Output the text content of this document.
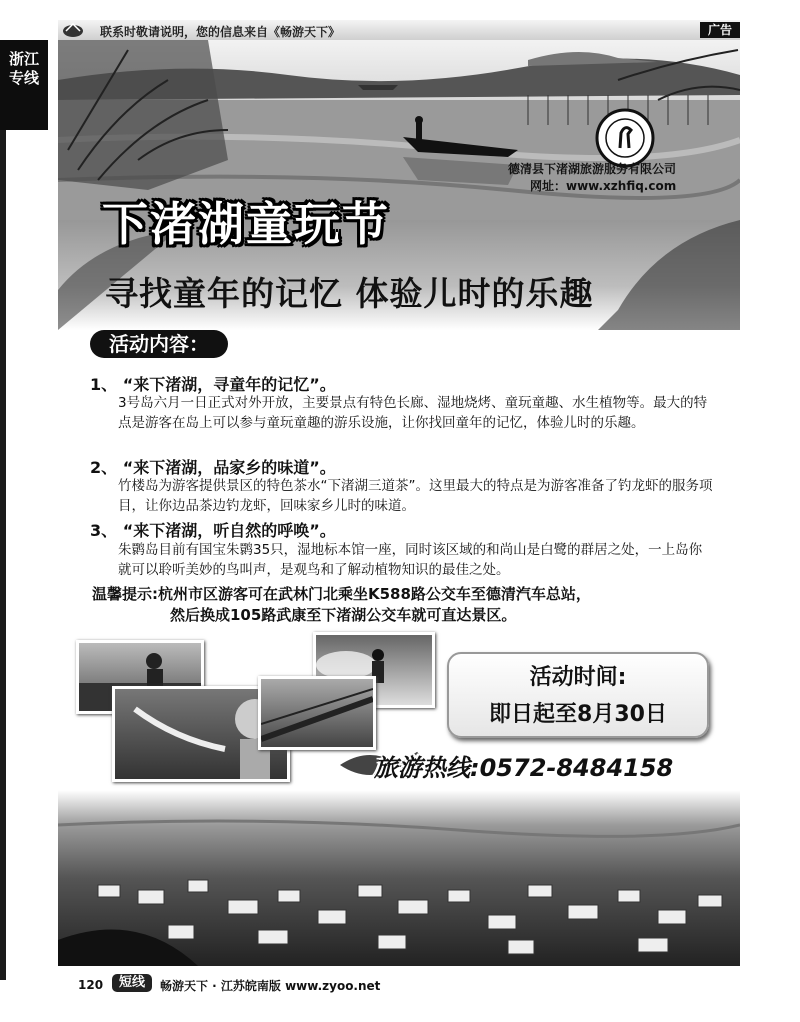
联系时敬请说明，您的信息来自《畅游天下》	广告
浙江
专线
德清县下渚湖旅游服务有限公司
网址：www.xzhfiq.com
下渚湖童玩节
寻找童年的记忆 体验儿时的乐趣
活动内容：
1、 “来下渚湖，寻童年的记忆”。
3号岛六月一日正式对外开放，主要景点有特色长廊、湿地烧烤、童玩童趣、水生植物等。最大的特点是游客在岛上可以参与童玩童趣的游乐设施，让你找回童年的记忆，体验儿时的乐趣。
2、 “来下渚湖，品家乡的味道”。
竹楼岛为游客提供景区的特色茶水“下渚湖三道茶”。这里最大的特点是为游客准备了钓龙虾的服务项目，让你边品茶边钓龙虾，回味家乡儿时的味道。
3、 “来下渚湖，听自然的呼唤”。
朱鹮岛目前有国宝朱鹮35只，湿地标本馆一座，同时该区域的和尚山是白鹭的群居之处，一上岛你就可以聆听美妙的鸟叫声，是观鸟和了解动植物知识的最佳之处。
温馨提示:杭州市区游客可在武林门北乘坐K588路公交车至德清汽车总站，
然后换成105路武康至下渚湖公交车就可直达景区。
活动时间:
即日起至8月30日
旅游热线:0572-8484158
120	短线	畅游天下 · 江苏皖南版 www.zyoo.net
